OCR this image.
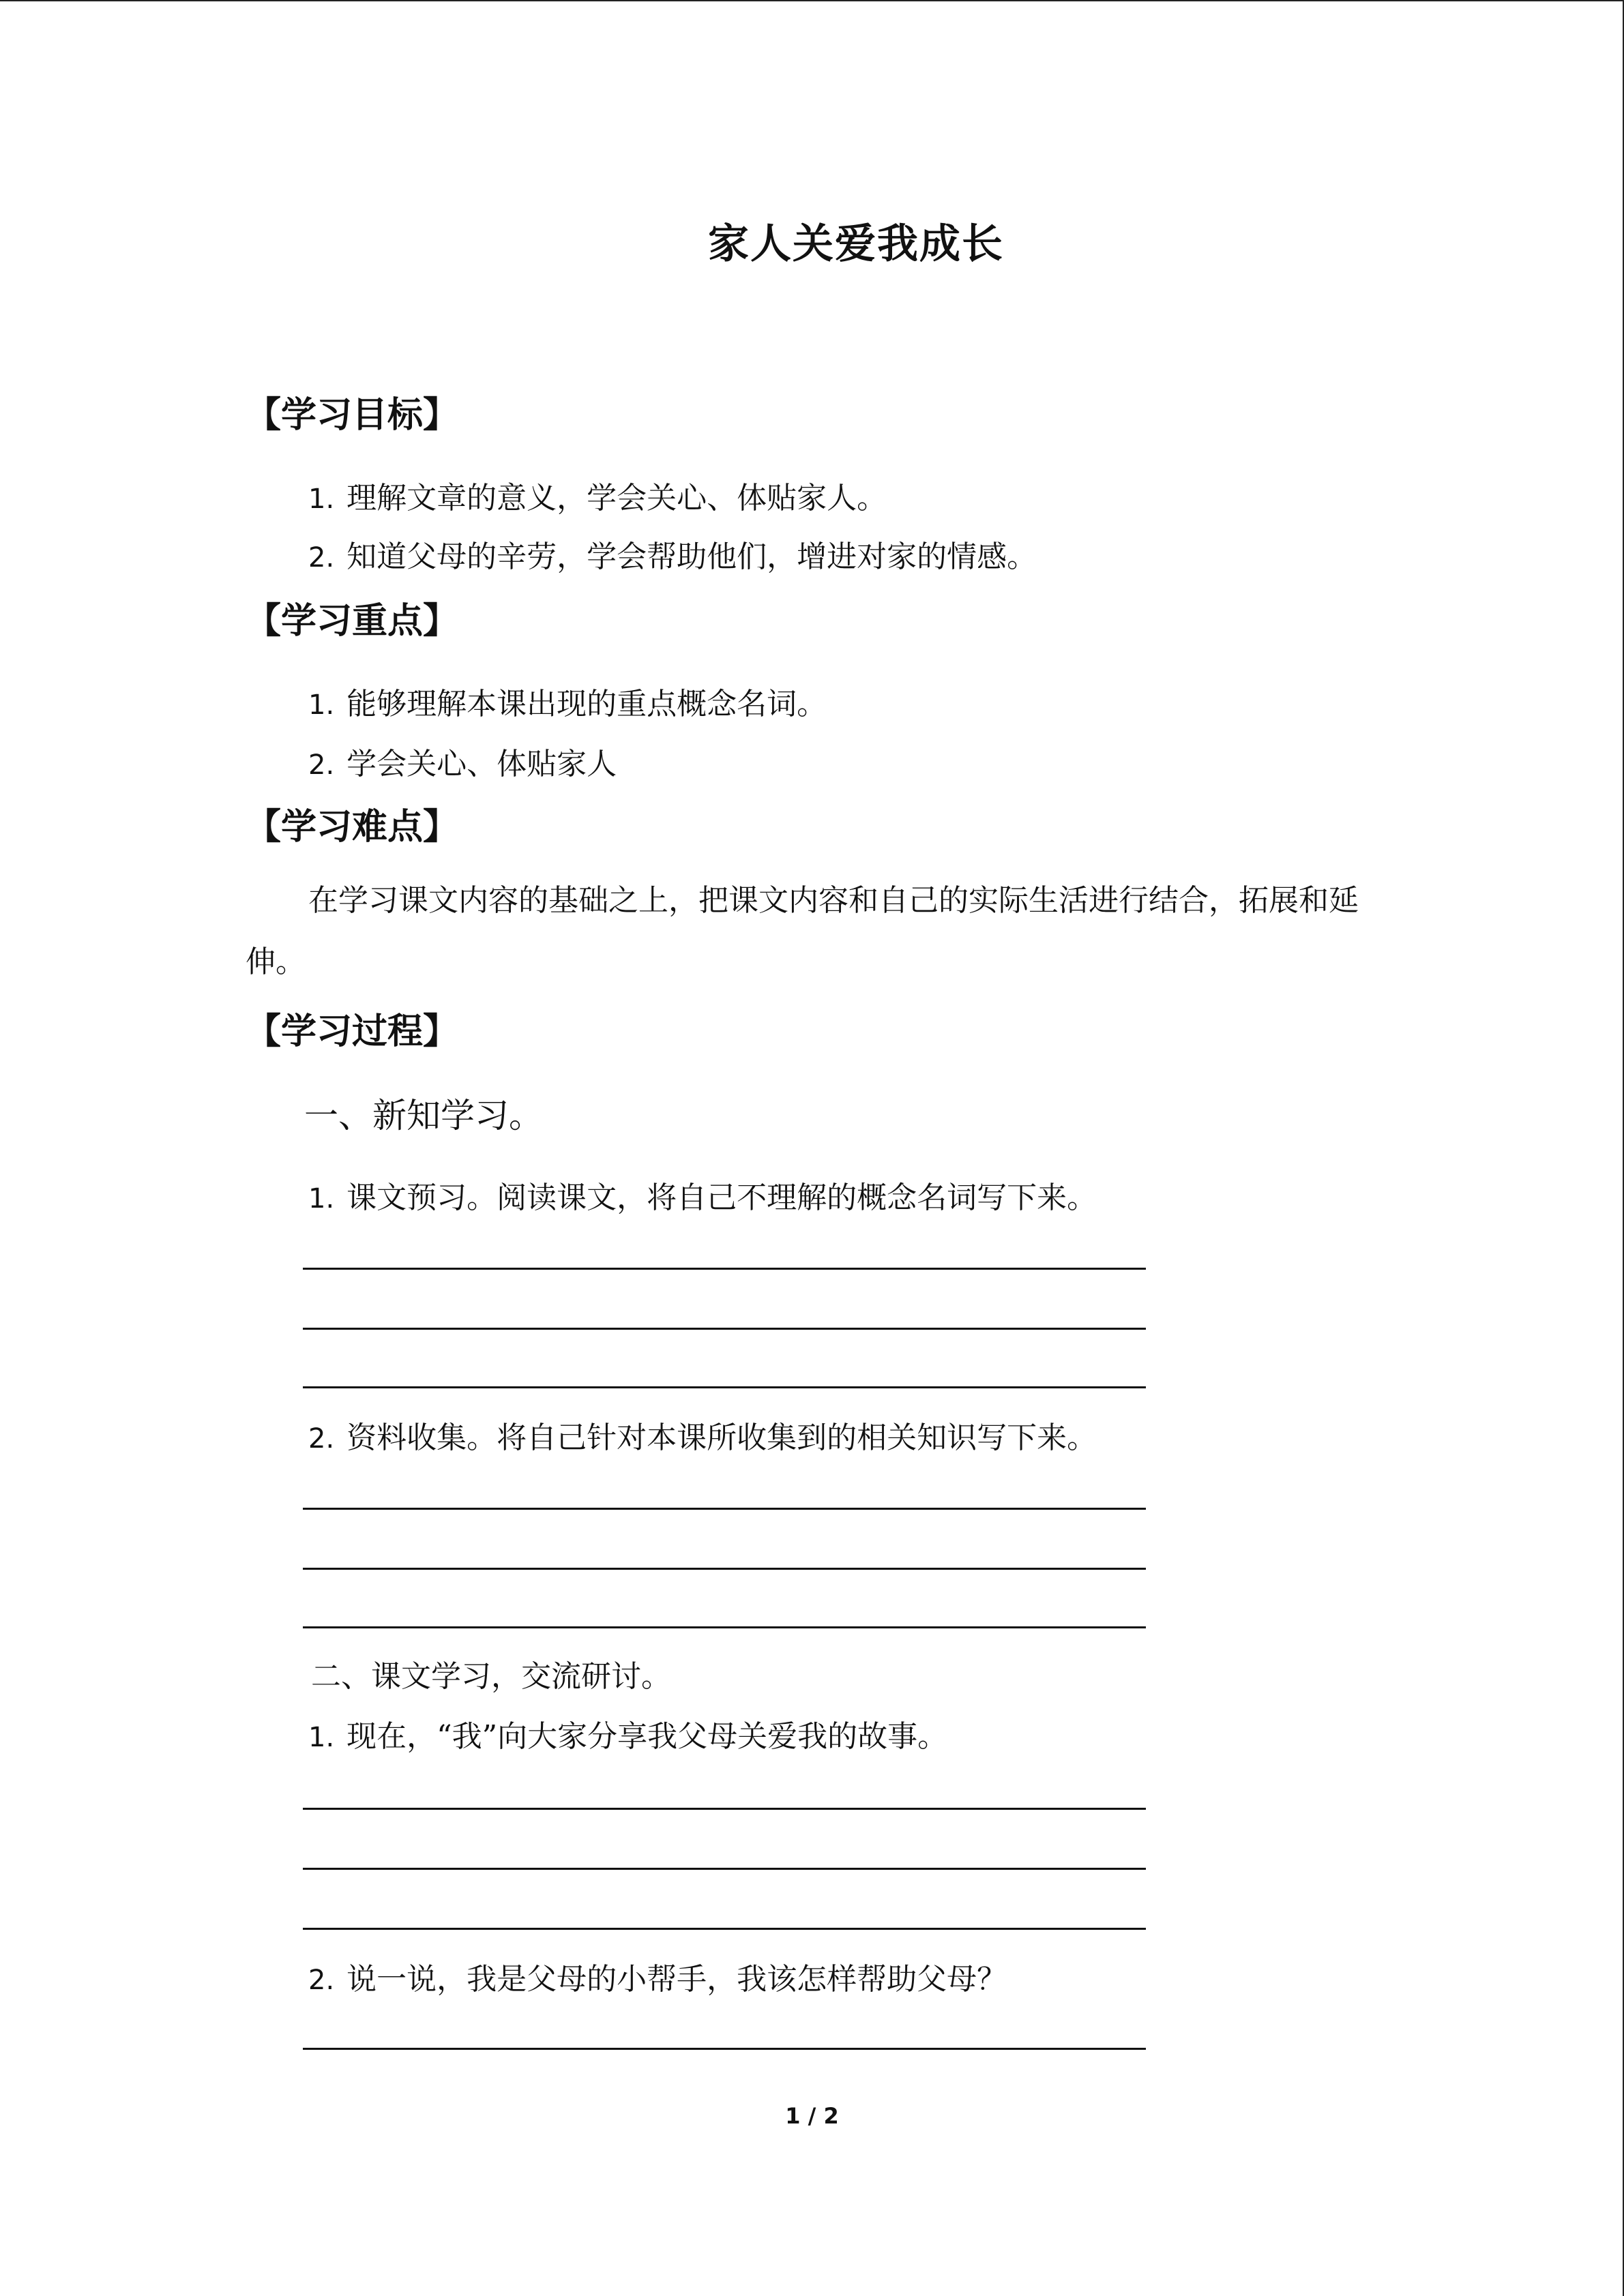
家人关爱我成长
【学习目标】
1. 理解文章的意义，学会关心、体贴家人。
2. 知道父母的辛劳，学会帮助他们，增进对家的情感。
【学习重点】
1. 能够理解本课出现的重点概念名词。
2. 学会关心、体贴家人
【学习难点】
在学习课文内容的基础之上，把课文内容和自己的实际生活进行结合，拓展和延伸。
【学习过程】
一、新知学习。
1. 课文预习。阅读课文，将自己不理解的概念名词写下来。
2. 资料收集。将自己针对本课所收集到的相关知识写下来。
二、课文学习，交流研讨。
1. 现在，“我”向大家分享我父母关爱我的故事。
2. 说一说，我是父母的小帮手，我该怎样帮助父母？
1 / 2
